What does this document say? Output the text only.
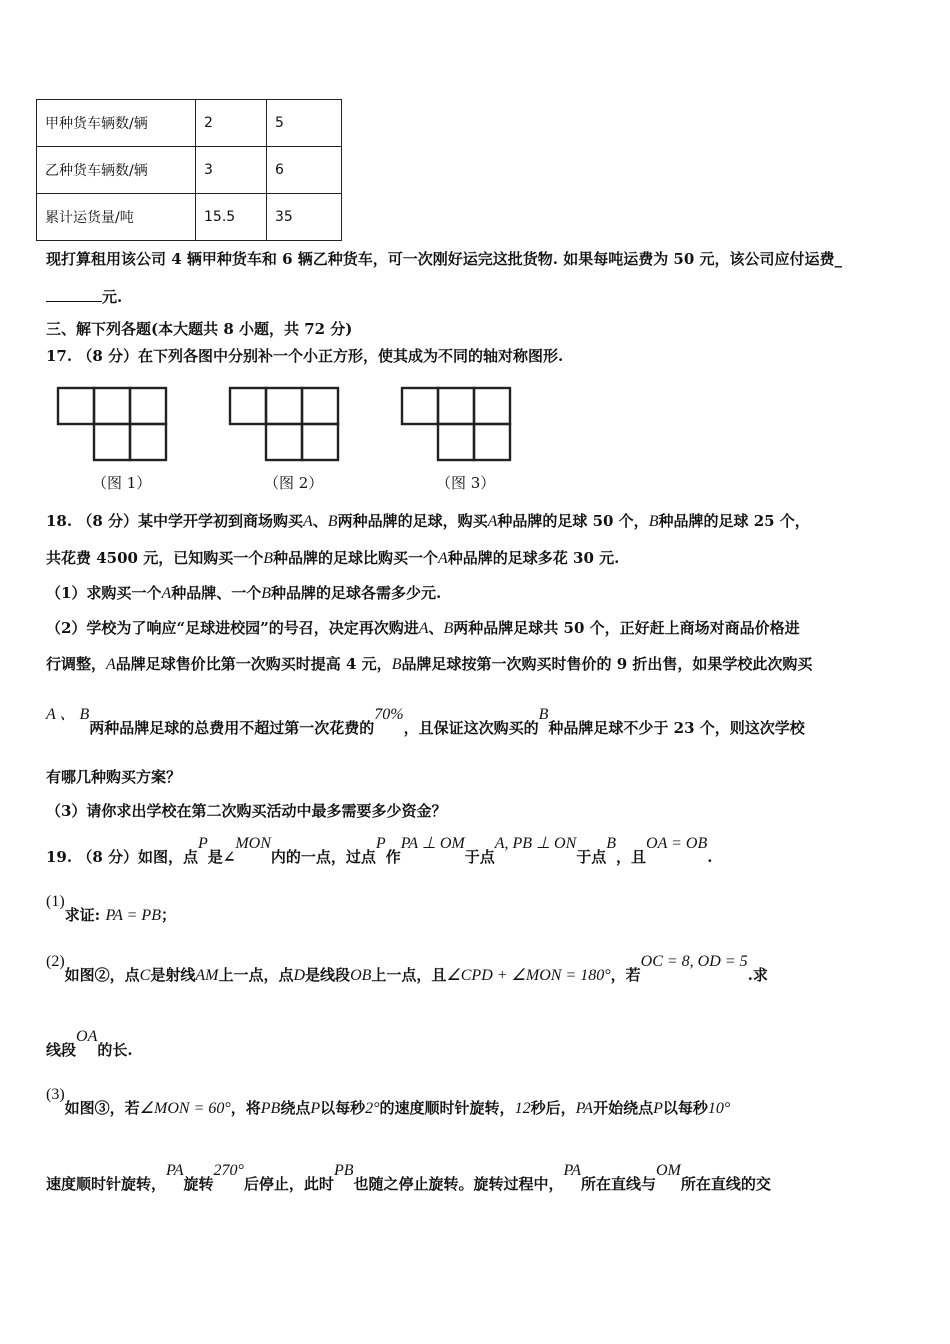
甲种货车辆数/辆	2	5
乙种货车辆数/辆	3	6
累计运货量/吨	15.5	35
现打算租用该公司 4 辆甲种货车和 6 辆乙种货车，可一次刚好运完这批货物. 如果每吨运费为 50 元，该公司应付运费_
元.
三、解下列各题(本大题共 8 小题，共 72 分)
17. （8 分）在下列各图中分别补一个小正方形，使其成为不同的轴对称图形.
（图 1）	（图 2）	（图 3）
18. （8 分）某中学开学初到商场购买A、B两种品牌的足球，购买A种品牌的足球 50 个，B种品牌的足球 25 个，
共花费 4500 元，已知购买一个B种品牌的足球比购买一个A种品牌的足球多花 30 元.
（1）求购买一个A种品牌、一个B种品牌的足球各需多少元.
（2）学校为了响应“足球进校园”的号召，决定再次购进A、B两种品牌足球共 50 个，正好赶上商场对商品价格进
行调整，A品牌足球售价比第一次购买时提高 4 元，B品牌足球按第一次购买时售价的 9 折出售，如果学校此次购买
A 、 B两种品牌足球的总费用不超过第一次花费的70%，且保证这次购买的B种品牌足球不少于 23 个，则这次学校
有哪几种购买方案？
（3）请你求出学校在第二次购买活动中最多需要多少资金？
19. （8 分）如图，点P是∠MON内的一点，过点P作PA ⊥ OM于点A, PB ⊥ ON于点B，且OA = OB.
(1)求证: PA = PB；
(2)如图②，点C是射线AM上一点，点D是线段OB上一点，且∠CPD + ∠MON = 180°，若OC = 8, OD = 5.求
线段OA的长.
(3)如图③，若∠MON = 60°，将PB绕点P以每秒2°的速度顺时针旋转，12秒后，PA开始绕点P以每秒10°
速度顺时针旋转，PA旋转270°后停止，此时PB也随之停止旋转。旋转过程中，PA所在直线与OM所在直线的交
